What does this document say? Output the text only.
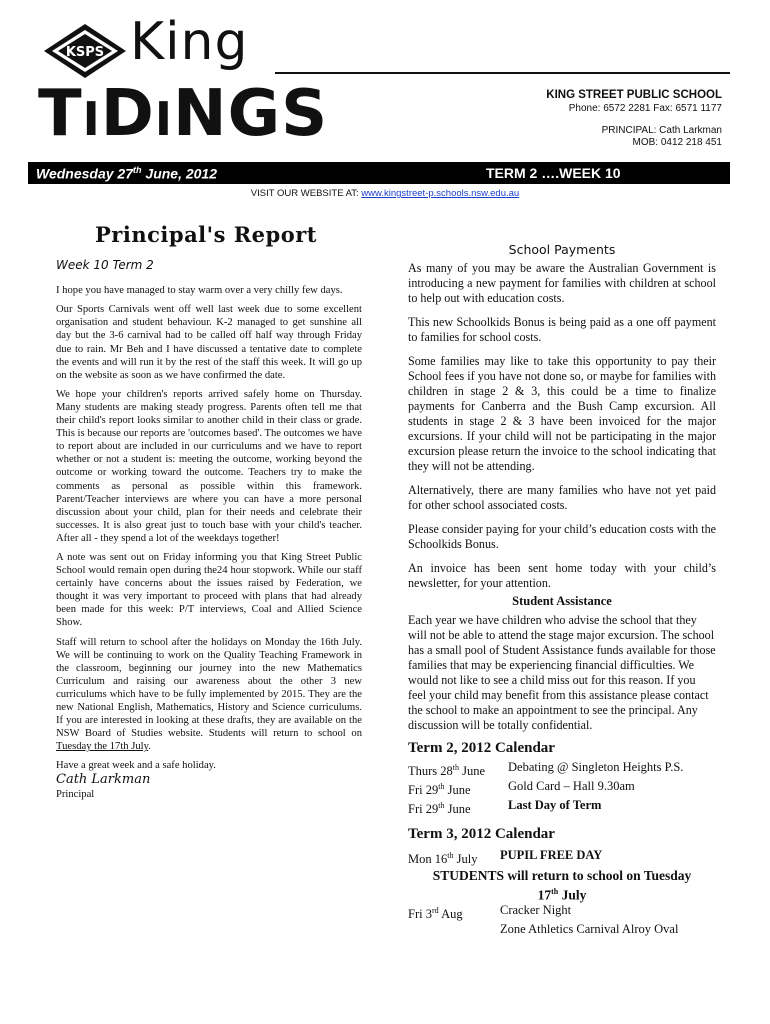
KSPS King
TIDINGS	KING STREET PUBLIC SCHOOL
Phone: 6572 2281 Fax: 6571 1177
PRINCIPAL: Cath Larkman
MOB: 0412 218 451
Wednesday 27th June, 2012	TERM 2 ….WEEK 10
VISIT OUR WEBSITE AT: www.kingstreet-p.schools.nsw.edu.au
Principal's Report
Week 10 Term 2

I hope you have managed to stay warm over a very chilly few days.

Our Sports Carnivals went off well last week due to some excellent organisation and student behaviour. K-2 managed to get sunshine all day but the 3-6 carnival had to be called off half way through Friday due to rain. Mr Beh and I have discussed a tentative date to complete the events and will run it by the rest of the staff this week. It will go up on the website as soon as we have confirmed the date.

We hope your children's reports arrived safely home on Thursday. Many students are making steady progress. Parents often tell me that their child's report looks similar to another child in their class or grade. This is because our reports are 'outcomes based'. The outcomes we have to report about are included in our curriculums and we have to report whether or not a student is: meeting the outcome, working beyond the outcome or working toward the outcome. Teachers try to make the comments as personal as possible within this framework. Parent/Teacher interviews are where you can have a more personal discussion about your child, plan for their needs and celebrate their successes. It is also great just to touch base with your child's teacher. After all - they spend a lot of the weekdays together!

A note was sent out on Friday informing you that King Street Public School would remain open during the24 hour stopwork. While our staff certainly have concerns about the issues raised by Federation, we thought it was very important to proceed with plans that had already been made for this week: P/T interviews, Coal and Allied Science Show.

Staff will return to school after the holidays on Monday the 16th July. We will be continuing to work on the Quality Teaching Framework in the classroom, beginning our journey into the new Mathematics Curriculum and raising our awareness about the other 3 new curriculums which have to be fully implemented by 2015. They are the new National English, Mathematics, History and Science curriculums. If you are interested in looking at these drafts, they are available on the NSW Board of Studies website. Students will return to school on Tuesday the 17th July.

Have a great week and a safe holiday.

Cath Larkman
Principal
School Payments

As many of you may be aware the Australian Government is introducing a new payment for families with children at school to help out with education costs.

This new Schoolkids Bonus is being paid as a one off payment to families for school costs.

Some families may like to take this opportunity to pay their School fees if you have not done so, or maybe for families with children in stage 2 & 3, this could be a time to finalize payments for Canberra and the Bush Camp excursion. All students in stage 2 & 3 have been invoiced for the major excursions. If your child will not be participating in the major excursion please return the invoice to the school indicating that they will not be attending.

Alternatively, there are many families who have not yet paid for other school associated costs.

Please consider paying for your child’s education costs with the Schoolkids Bonus.

An invoice has been sent home today with your child’s newsletter, for your attention.

Student Assistance

Each year we have children who advise the school that they will not be able to attend the stage major excursion. The school has a small pool of Student Assistance funds available for those families that may be experiencing financial difficulties. We would not like to see a child miss out for this reason. If you feel your child may benefit from this assistance please contact the school to make an appointment to see the principal. Any discussion will be totally confidential.

Term 2, 2012 Calendar
Thurs 28th June	Debating @ Singleton Heights P.S.
Fri 29th June	Gold Card – Hall 9.30am
Fri 29th June	Last Day of Term
Term 3, 2012 Calendar
Mon 16th July	PUPIL FREE DAY
STUDENTS will return to school on Tuesday
17th July
Fri 3rd Aug	Cracker Night
Zone Athletics Carnival Alroy Oval
